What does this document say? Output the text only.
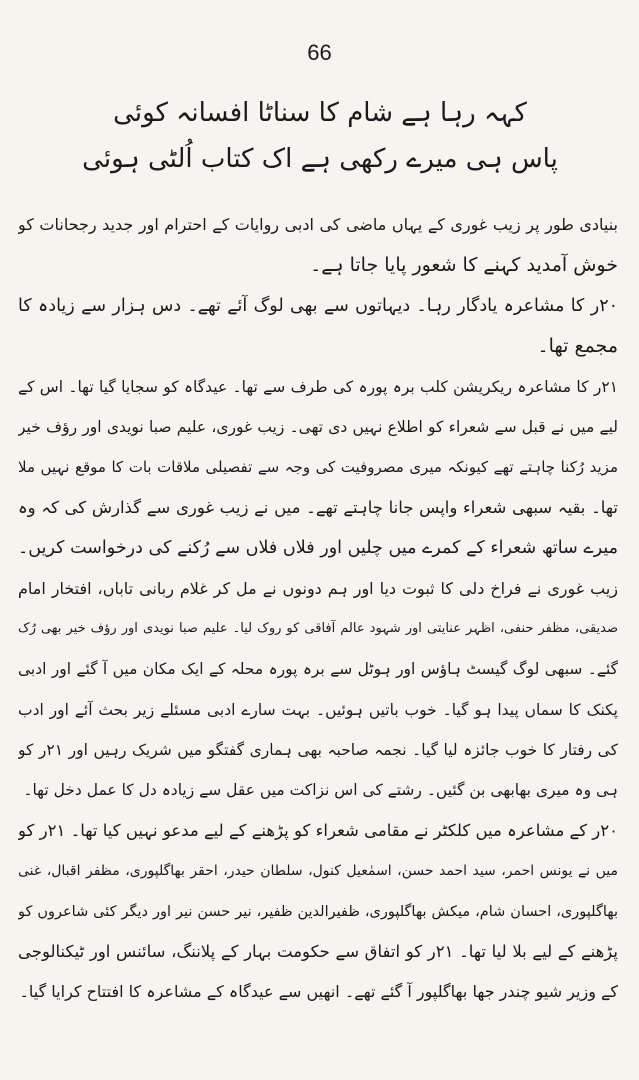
66
کہہ رہا ہے شام کا سناٹا افسانہ کوئی
پاس ہی میرے رکھی ہے اک کتاب اُلٹی ہوئی
بنیادی طور پر زیب غوری کے یہاں ماضی کی ادبی روایات کے احترام اور جدید رجحانات کو
خوش آمدید کہنے کا شعور پایا جاتا ہے۔
۲۰ر کا مشاعرہ یادگار رہا۔ دیہاتوں سے بھی لوگ آئے تھے۔ دس ہزار سے زیادہ کا
مجمع تھا۔
۲۱ر کا مشاعرہ ریکریشن کلب برہ پورہ کی طرف سے تھا۔ عیدگاہ کو سجایا گیا تھا۔ اس کے
لیے میں نے قبل سے شعراء کو اطلاع نہیں دی تھی۔ زیب غوری، علیم صبا نویدی اور رؤف خیر
مزید رُکنا چاہتے تھے کیونکہ میری مصروفیت کی وجہ سے تفصیلی ملاقات بات کا موقع نہیں ملا
تھا۔ بقیہ سبھی شعراء واپس جانا چاہتے تھے۔ میں نے زیب غوری سے گذارش کی کہ وہ
میرے ساتھ شعراء کے کمرے میں چلیں اور فلاں فلاں سے رُکنے کی درخواست کریں۔
زیب غوری نے فراخ دلی کا ثبوت دیا اور ہم دونوں نے مل کر غلام ربانی تاباں، افتخار امام
صدیقی، مظفر حنفی، اظہر عنایتی اور شہود عالم آفاقی کو روک لیا۔ علیم صبا نویدی اور رؤف خیر بھی رُک
گئے۔ سبھی لوگ گیسٹ ہاؤس اور ہوٹل سے برہ پورہ محلہ کے ایک مکان میں آ گئے اور ادبی
پکنک کا سماں پیدا ہو گیا۔ خوب باتیں ہوئیں۔ بہت سارے ادبی مسئلے زیر بحث آئے اور ادب
کی رفتار کا خوب جائزہ لیا گیا۔ نجمہ صاحبہ بھی ہماری گفتگو میں شریک رہیں اور ۲۱ر کو
ہی وہ میری بھابھی بن گئیں۔ رشتے کی اس نزاکت میں عقل سے زیادہ دل کا عمل دخل تھا۔
۲۰ر کے مشاعرہ میں کلکٹر نے مقامی شعراء کو پڑھنے کے لیے مدعو نہیں کیا تھا۔ ۲۱ر کو
میں نے یونس احمر، سید احمد حسن، اسمٰعیل کنول، سلطان حیدر، احقر بھاگلپوری، مظفر اقبال، غنی
بھاگلپوری، احسان شام، میکش بھاگلپوری، ظفیرالدین ظفیر، نیر حسن نیر اور دیگر کئی شاعروں کو
پڑھنے کے لیے بلا لیا تھا۔ ۲۱ر کو اتفاق سے حکومت بہار کے پلاننگ، سائنس اور ٹیکنالوجی
کے وزیر شیو چندر جھا بھاگلپور آ گئے تھے۔ انھیں سے عیدگاہ کے مشاعرہ کا افتتاح کرایا گیا۔
